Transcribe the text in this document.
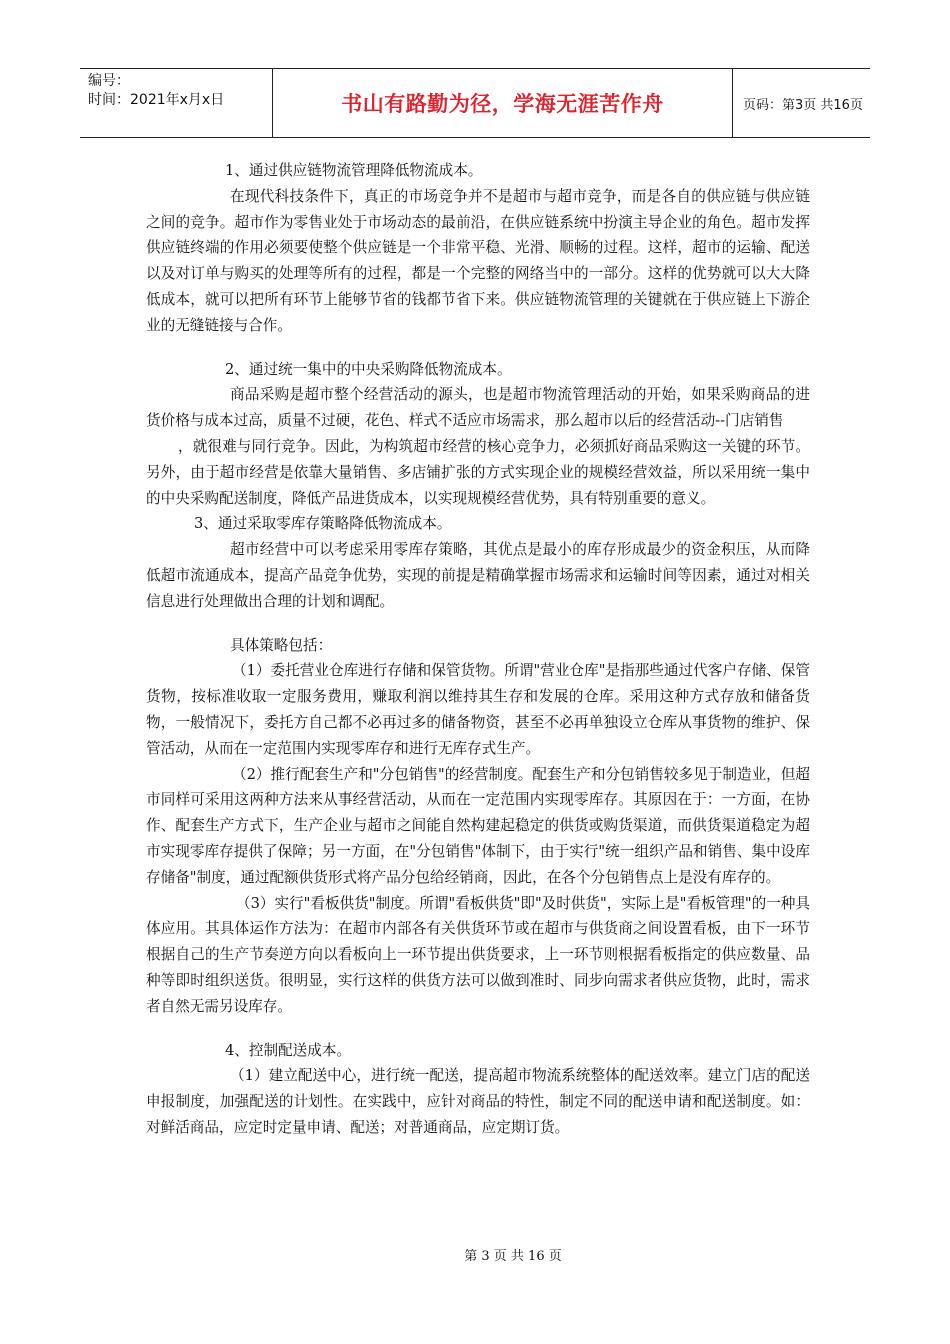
编号：
时间：2021年x月x日	书山有路勤为径，学海无涯苦作舟	页码：第3页 共16页

1、通过供应链物流管理降低物流成本。

在现代科技条件下，真正的市场竞争并不是超市与超市竞争，而是各自的供应链与供应链之间的竞争。超市作为零售业处于市场动态的最前沿，在供应链系统中扮演主导企业的角色。超市发挥供应链终端的作用必须要使整个供应链是一个非常平稳、光滑、顺畅的过程。这样，超市的运输、配送以及对订单与购买的处理等所有的过程，都是一个完整的网络当中的一部分。这样的优势就可以大大降低成本，就可以把所有环节上能够节省的钱都节省下来。供应链物流管理的关键就在于供应链上下游企业的无缝链接与合作。

2、通过统一集中的中央采购降低物流成本。

商品采购是超市整个经营活动的源头，也是超市物流管理活动的开始，如果采购商品的进货价格与成本过高，质量不过硬，花色、样式不适应市场需求，那么超市以后的经营活动--门店销售

，就很难与同行竞争。因此，为构筑超市经营的核心竞争力，必须抓好商品采购这一关键的环节。另外，由于超市经营是依靠大量销售、多店铺扩张的方式实现企业的规模经营效益，所以采用统一集中的中央采购配送制度，降低产品进货成本，以实现规模经营优势，具有特别重要的意义。

3、通过采取零库存策略降低物流成本。

超市经营中可以考虑采用零库存策略，其优点是最小的库存形成最少的资金积压，从而降低超市流通成本，提高产品竞争优势，实现的前提是精确掌握市场需求和运输时间等因素，通过对相关信息进行处理做出合理的计划和调配。

具体策略包括：

（1）委托营业仓库进行存储和保管货物。所谓"营业仓库"是指那些通过代客户存储、保管货物，按标准收取一定服务费用，赚取利润以维持其生存和发展的仓库。采用这种方式存放和储备货物，一般情况下，委托方自己都不必再过多的储备物资，甚至不必再单独设立仓库从事货物的维护、保管活动，从而在一定范围内实现零库存和进行无库存式生产。

（2）推行配套生产和"分包销售"的经营制度。配套生产和分包销售较多见于制造业，但超市同样可采用这两种方法来从事经营活动，从而在一定范围内实现零库存。其原因在于：一方面，在协作、配套生产方式下，生产企业与超市之间能自然构建起稳定的供货或购货渠道，而供货渠道稳定为超市实现零库存提供了保障；另一方面，在"分包销售"体制下，由于实行"统一组织产品和销售、集中设库存储备"制度，通过配额供货形式将产品分包给经销商，因此，在各个分包销售点上是没有库存的。

（3）实行"看板供货"制度。所谓"看板供货"即"及时供货"，实际上是"看板管理"的一种具体应用。其具体运作方法为：在超市内部各有关供货环节或在超市与供货商之间设置看板，由下一环节根据自己的生产节奏逆方向以看板向上一环节提出供货要求，上一环节则根据看板指定的供应数量、品种等即时组织送货。很明显，实行这样的供货方法可以做到准时、同步向需求者供应货物，此时，需求者自然无需另设库存。

4、控制配送成本。

（1）建立配送中心，进行统一配送，提高超市物流系统整体的配送效率。建立门店的配送申报制度，加强配送的计划性。在实践中，应针对商品的特性，制定不同的配送申请和配送制度。如：对鲜活商品，应定时定量申请、配送；对普通商品，应定期订货。

第 3 页 共 16 页
